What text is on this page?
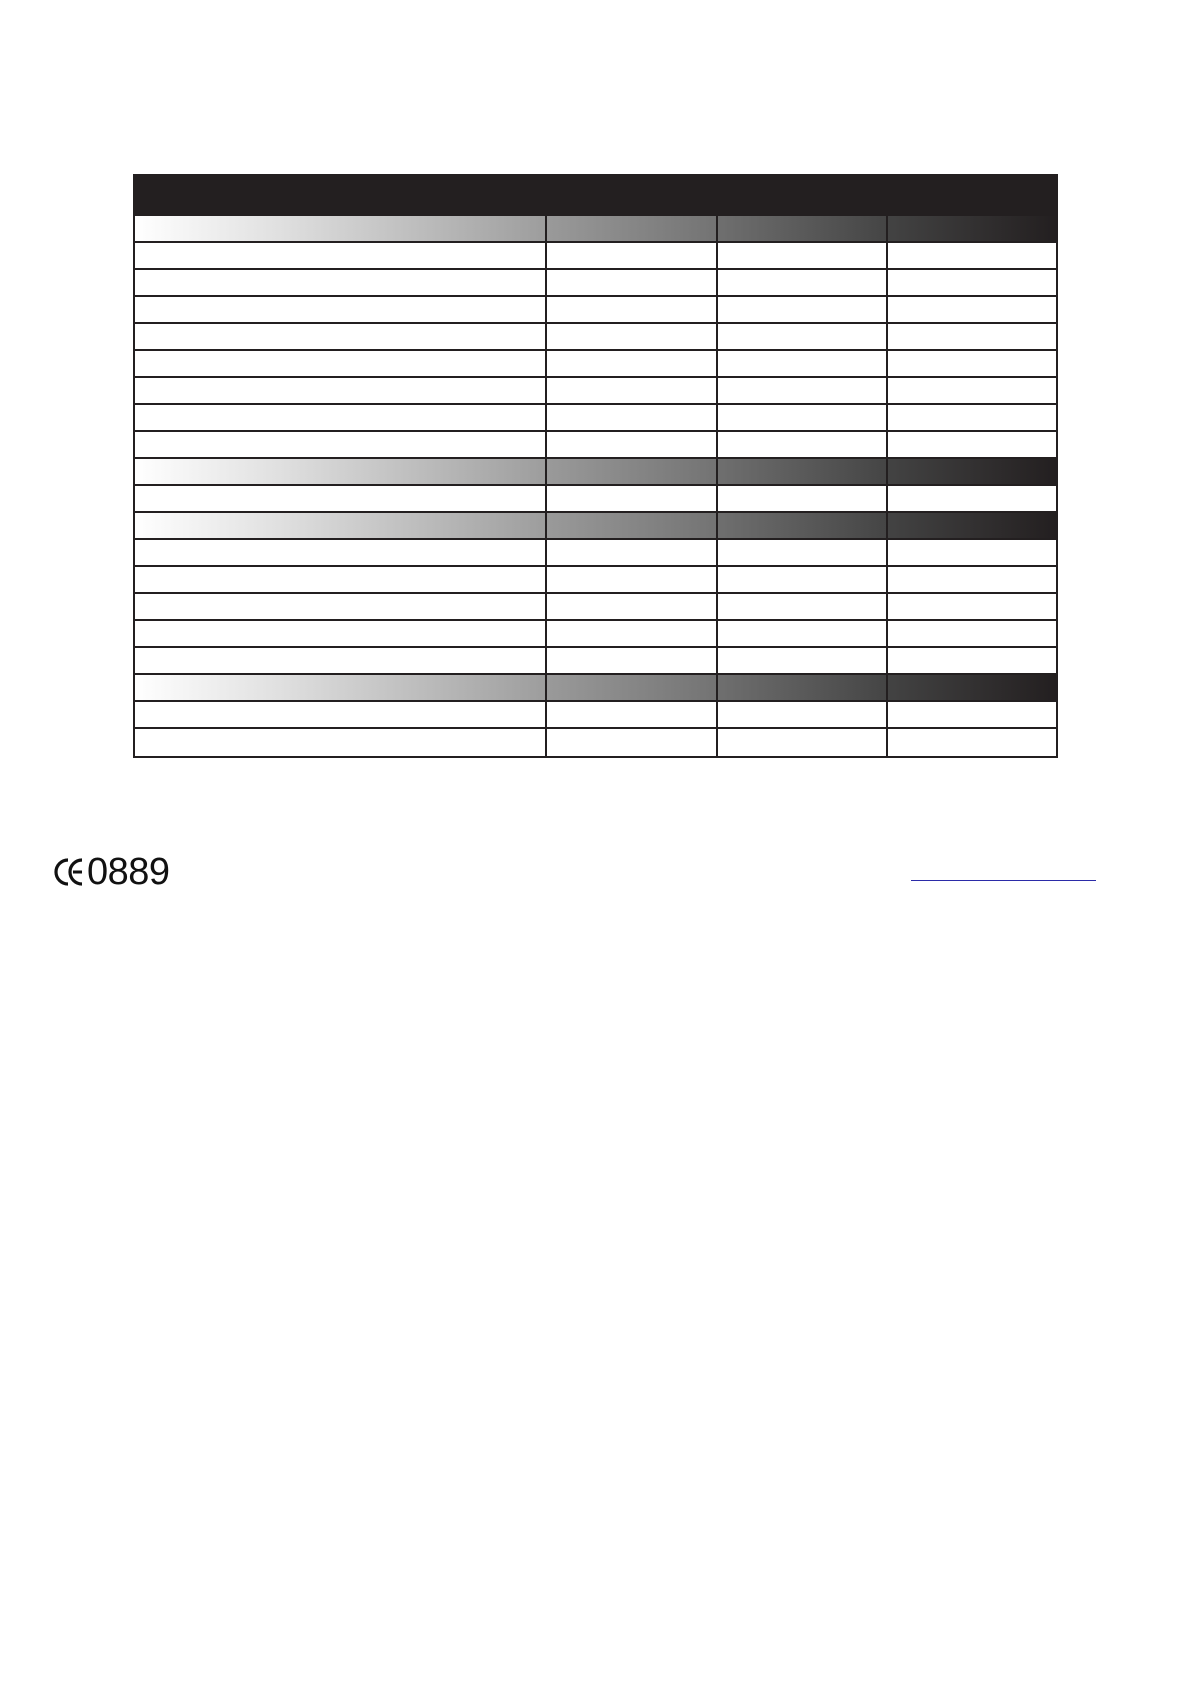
0889
